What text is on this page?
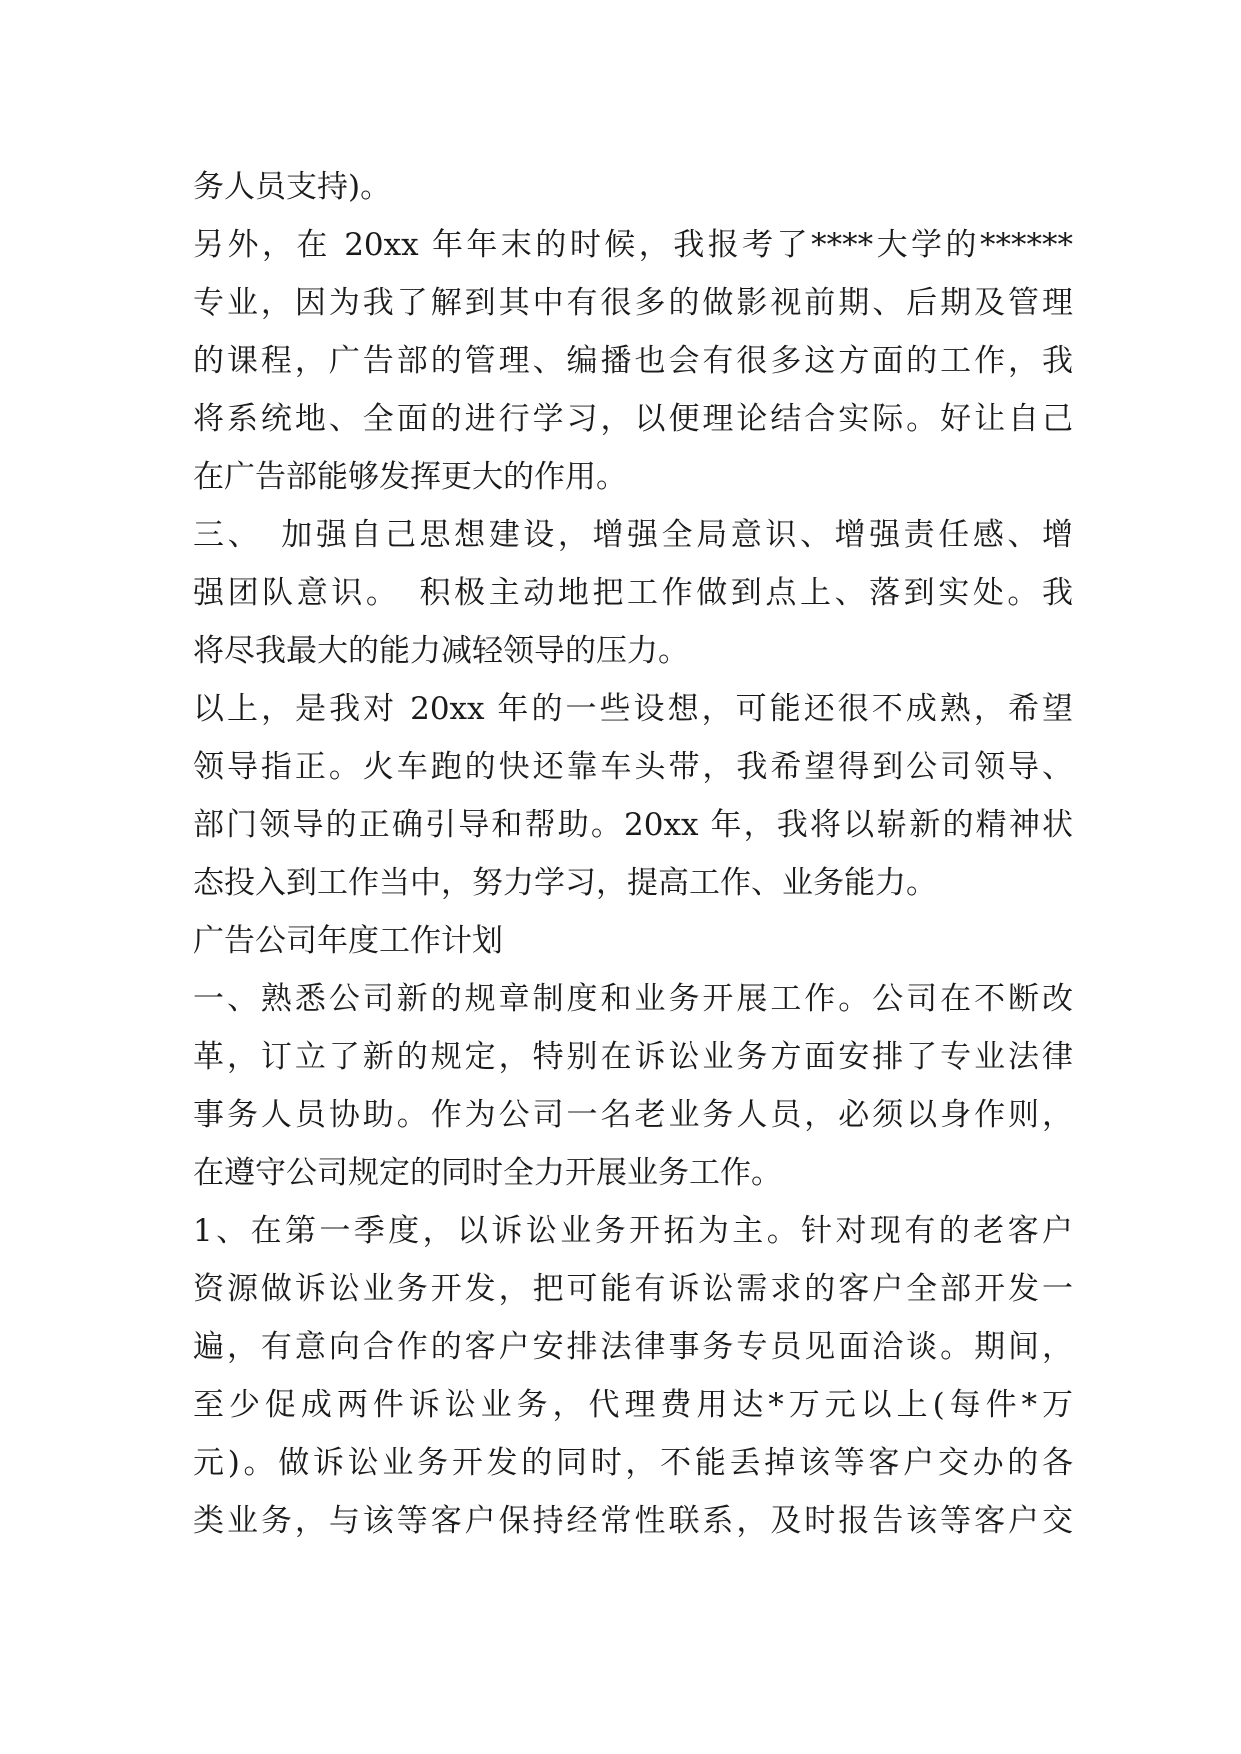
务人员支持)。
另外，在 20xx 年年末的时候，我报考了****大学的******
专业，因为我了解到其中有很多的做影视前期、后期及管理
的课程，广告部的管理、编播也会有很多这方面的工作，我
将系统地、全面的进行学习，以便理论结合实际。好让自己
在广告部能够发挥更大的作用。
三、　加强自己思想建设，增强全局意识、增强责任感、增
强团队意识。　积极主动地把工作做到点上、落到实处。我
将尽我最大的能力减轻领导的压力。
以上，是我对 20xx 年的一些设想，可能还很不成熟，希望
领导指正。火车跑的快还靠车头带，我希望得到公司领导、
部门领导的正确引导和帮助。20xx 年，我将以崭新的精神状
态投入到工作当中，努力学习，提高工作、业务能力。
广告公司年度工作计划
一、熟悉公司新的规章制度和业务开展工作。公司在不断改
革，订立了新的规定，特别在诉讼业务方面安排了专业法律
事务人员协助。作为公司一名老业务人员，必须以身作则，
在遵守公司规定的同时全力开展业务工作。
1、在第一季度，以诉讼业务开拓为主。针对现有的老客户
资源做诉讼业务开发，把可能有诉讼需求的客户全部开发一
遍，有意向合作的客户安排法律事务专员见面洽谈。期间，
至少促成两件诉讼业务，代理费用达*万元以上(每件*万
元)。做诉讼业务开发的同时，不能丢掉该等客户交办的各
类业务，与该等客户保持经常性联系，及时报告该等客户交
